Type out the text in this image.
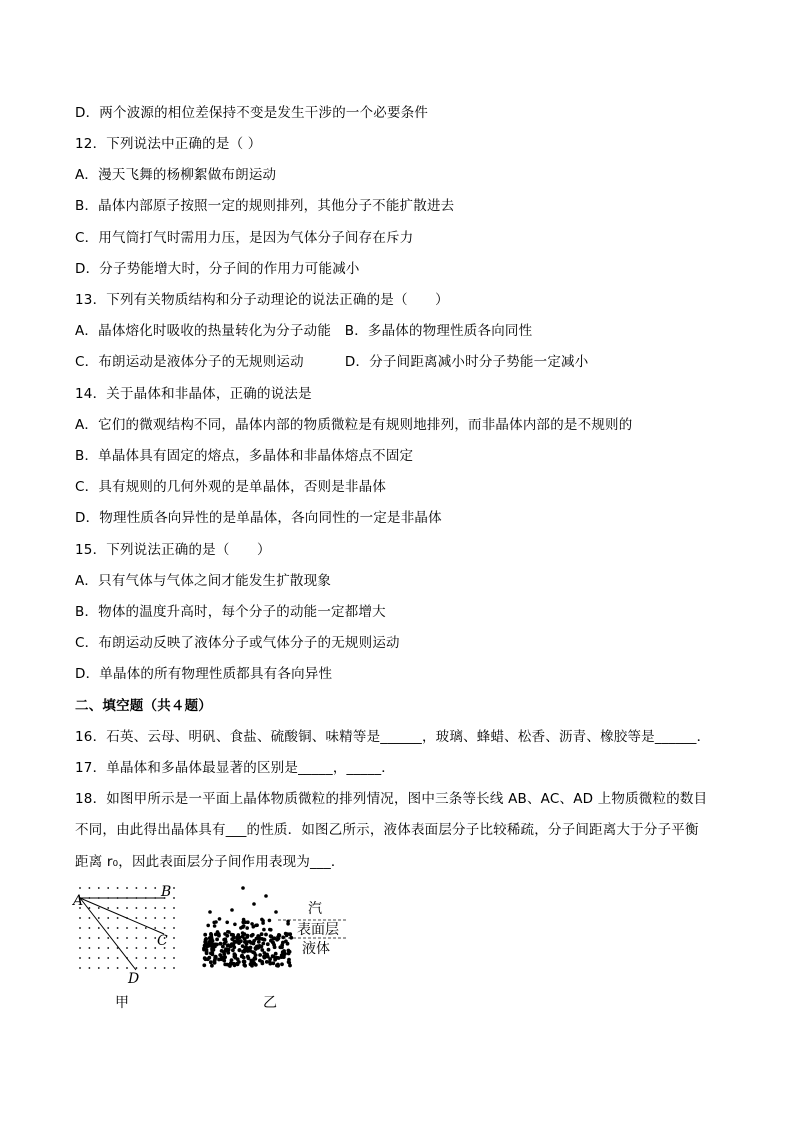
D．两个波源的相位差保持不变是发生干涉的一个必要条件
12．下列说法中正确的是（ ）
A．漫天飞舞的杨柳絮做布朗运动
B．晶体内部原子按照一定的规则排列，其他分子不能扩散进去
C．用气筒打气时需用力压，是因为气体分子间存在斥力
D．分子势能增大时，分子间的作用力可能减小
13．下列有关物质结构和分子动理论的说法正确的是（　　）
A．晶体熔化时吸收的热量转化为分子动能　B．多晶体的物理性质各向同性
C．布朗运动是液体分子的无规则运动　　　D．分子间距离减小时分子势能一定减小
14．关于晶体和非晶体，正确的说法是
A．它们的微观结构不同，晶体内部的物质微粒是有规则地排列，而非晶体内部的是不规则的
B．单晶体具有固定的熔点，多晶体和非晶体熔点不固定
C．具有规则的几何外观的是单晶体，否则是非晶体
D．物理性质各向异性的是单晶体，各向同性的一定是非晶体
15．下列说法正确的是（　　）
A．只有气体与气体之间才能发生扩散现象
B．物体的温度升高时，每个分子的动能一定都增大
C．布朗运动反映了液体分子或气体分子的无规则运动
D．单晶体的所有物理性质都具有各向异性
二、填空题（共４题）
16．石英、云母、明矾、食盐、硫酸铜、味精等是______，玻璃、蜂蜡、松香、沥青、橡胶等是______．
17．单晶体和多晶体最显著的区别是_____，_____．
18．如图甲所示是一平面上晶体物质微粒的排列情况，图中三条等长线 AB、AC、AD 上物质微粒的数目
不同，由此得出晶体具有___的性质．如图乙所示，液体表面层分子比较稀疏，分子间距离大于分子平衡
距离 r₀，因此表面层分子间作用表现为___．
A
B
C
D
甲
汽
表面层
液体
乙
